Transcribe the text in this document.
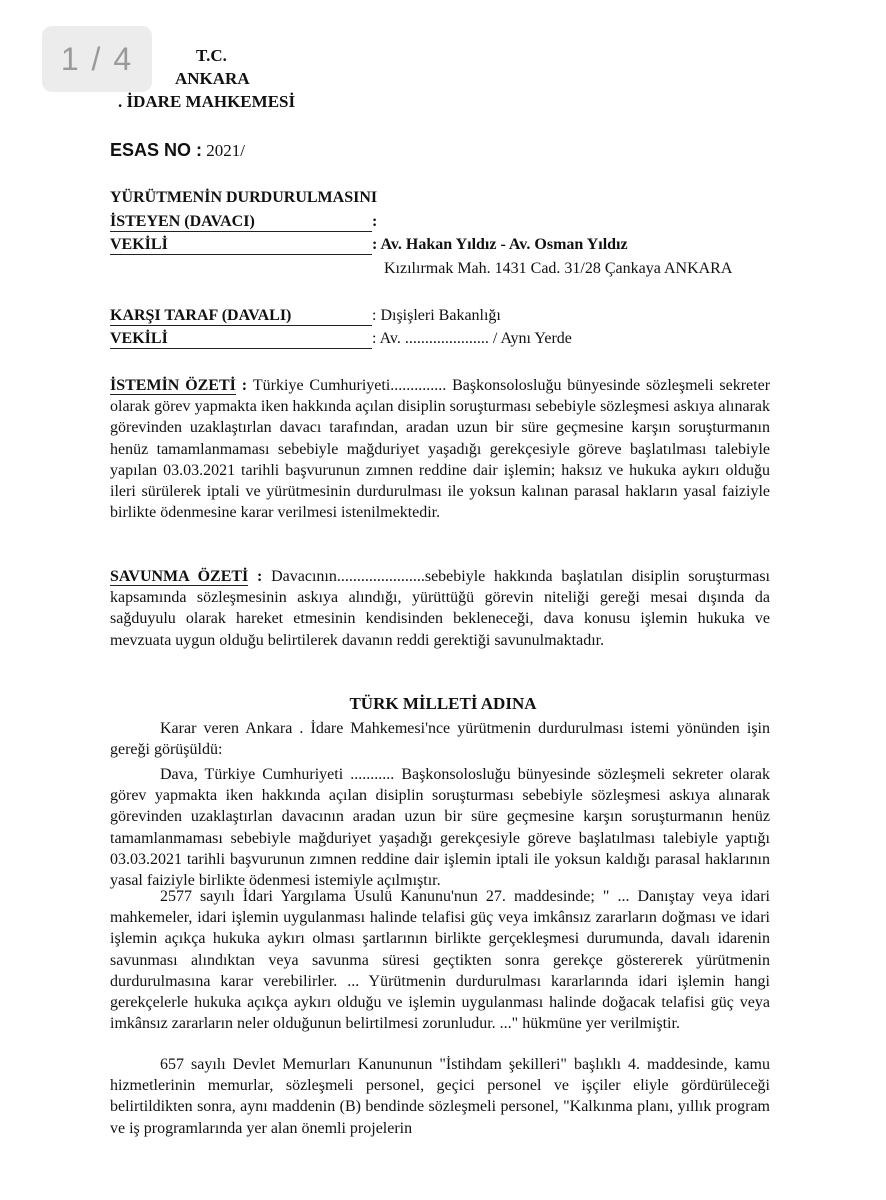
1 / 4	T.C.
ANKARA
. İDARE MAHKEMESİ
ESAS NO : 2021/
YÜRÜTMENİN DURDURULMASINI
İSTEYEN (DAVACI)	:
VEKİLİ	: Av. Hakan Yıldız - Av. Osman Yıldız
Kızılırmak Mah. 1431 Cad. 31/28 Çankaya ANKARA
KARŞI TARAF (DAVALI)	: Dışişleri Bakanlığı
VEKİLİ	: Av. ..................... / Aynı Yerde

İSTEMİN ÖZETİ : Türkiye Cumhuriyeti.............. Başkonsolosluğu bünyesinde sözleşmeli sekreter olarak görev yapmakta iken hakkında açılan disiplin soruşturması sebebiyle sözleşmesi askıya alınarak görevinden uzaklaştırlan davacı tarafından, aradan uzun bir süre geçmesine karşın soruşturmanın henüz tamamlanmaması sebebiyle mağduriyet yaşadığı gerekçesiyle göreve başlatılması talebiyle yapılan 03.03.2021 tarihli başvurunun zımnen reddine dair işlemin; haksız ve hukuka aykırı olduğu ileri sürülerek iptali ve yürütmesinin durdurulması ile yoksun kalınan parasal hakların yasal faiziyle birlikte ödenmesine karar verilmesi istenilmektedir.

SAVUNMA ÖZETİ : Davacının......................sebebiyle hakkında başlatılan disiplin soruşturması kapsamında sözleşmesinin askıya alındığı, yürüttüğü görevin niteliği gereği mesai dışında da sağduyulu olarak hareket etmesinin kendisinden bekleneceği, dava konusu işlemin hukuka ve mevzuata uygun olduğu belirtilerek davanın reddi gerektiği savunulmaktadır.

TÜRK MİLLETİ ADINA

Karar veren Ankara . İdare Mahkemesi'nce yürütmenin durdurulması istemi yönünden işin gereği görüşüldü:

Dava, Türkiye Cumhuriyeti ........... Başkonsolosluğu bünyesinde sözleşmeli sekreter olarak görev yapmakta iken hakkında açılan disiplin soruşturması sebebiyle sözleşmesi askıya alınarak görevinden uzaklaştırlan davacının aradan uzun bir süre geçmesine karşın soruşturmanın henüz tamamlanmaması sebebiyle mağduriyet yaşadığı gerekçesiyle göreve başlatılması talebiyle yaptığı 03.03.2021 tarihli başvurunun zımnen reddine dair işlemin iptali ile yoksun kaldığı parasal haklarının yasal faiziyle birlikte ödenmesi istemiyle açılmıştır.

2577 sayılı İdari Yargılama Usulü Kanunu'nun 27. maddesinde; " ... Danıştay veya idari mahkemeler, idari işlemin uygulanması halinde telafisi güç veya imkânsız zararların doğması ve idari işlemin açıkça hukuka aykırı olması şartlarının birlikte gerçekleşmesi durumunda, davalı idarenin savunması alındıktan veya savunma süresi geçtikten sonra gerekçe göstererek yürütmenin durdurulmasına karar verebilirler. ... Yürütmenin durdurulması kararlarında idari işlemin hangi gerekçelerle hukuka açıkça aykırı olduğu ve işlemin uygulanması halinde doğacak telafisi güç veya imkânsız zararların neler olduğunun belirtilmesi zorunludur. ..." hükmüne yer verilmiştir.

657 sayılı Devlet Memurları Kanununun "İstihdam şekilleri" başlıklı 4. maddesinde, kamu hizmetlerinin memurlar, sözleşmeli personel, geçici personel ve işçiler eliyle gördürüleceği belirtildikten sonra, aynı maddenin (B) bendinde sözleşmeli personel, "Kalkınma planı, yıllık program ve iş programlarında yer alan önemli projelerin
